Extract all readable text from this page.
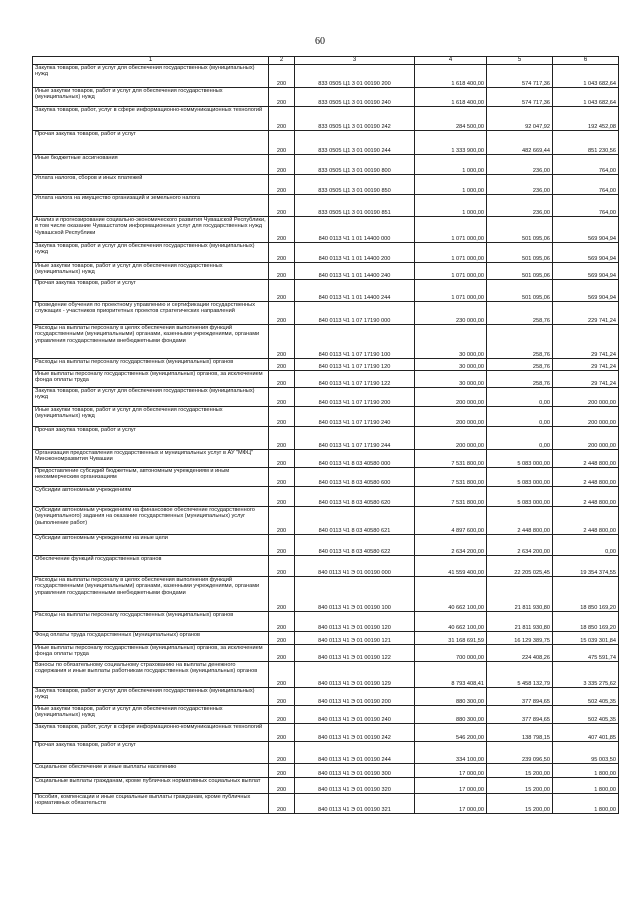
60
1	2	3	4	5	6
Закупка товаров, работ и услуг для обеспечения государственных (муниципальных) нужд	200	833 0505 Ц1 3 01 00190 200	1 618 400,00	574 717,36	1 043 682,64
Иные закупки товаров, работ и услуг для обеспечения государственных (муниципальных) нужд	200	833 0505 Ц1 3 01 00190 240	1 618 400,00	574 717,36	1 043 682,64
Закупка товаров, работ, услуг в сфере информационно-коммуникационных технологий	200	833 0505 Ц1 3 01 00190 242	284 500,00	92 047,92	192 452,08
Прочая закупка товаров, работ и услуг	200	833 0505 Ц1 3 01 00190 244	1 333 900,00	482 669,44	851 230,56
Иные бюджетные ассигнования	200	833 0505 Ц1 3 01 00190 800	1 000,00	236,00	764,00
Уплата налогов, сборов и иных платежей	200	833 0505 Ц1 3 01 00190 850	1 000,00	236,00	764,00
Уплата налога на имущество организаций и земельного налога	200	833 0505 Ц1 3 01 00190 851	1 000,00	236,00	764,00
Анализ и прогнозирование социально-экономического развития Чувашской Республики, в том числе оказание Чувашстатом информационных услуг для государственных нужд Чувашской Республики	200	840 0113 Ч1 1 01 14400 000	1 071 000,00	501 095,06	569 904,94
Закупка товаров, работ и услуг для обеспечения государственных (муниципальных) нужд	200	840 0113 Ч1 1 01 14400 200	1 071 000,00	501 095,06	569 904,94
Иные закупки товаров, работ и услуг для обеспечения государственных (муниципальных) нужд	200	840 0113 Ч1 1 01 14400 240	1 071 000,00	501 095,06	569 904,94
Прочая закупка товаров, работ и услуг	200	840 0113 Ч1 1 01 14400 244	1 071 000,00	501 095,06	569 904,94
Проведение обучения по проектному управлению и сертификации государственных служащих - участников приоритетных проектов стратегических направлений	200	840 0113 Ч1 1 07 17190 000	230 000,00	258,76	229 741,24
Расходы на выплаты персоналу в целях обеспечения выполнения функций государственными (муниципальными) органами, казенными учреждениями, органами управления государственными внебюджетными фондами	200	840 0113 Ч1 1 07 17190 100	30 000,00	258,76	29 741,24
Расходы на выплаты персоналу государственных (муниципальных) органов	200	840 0113 Ч1 1 07 17190 120	30 000,00	258,76	29 741,24
Иные выплаты персоналу государственных (муниципальных) органов, за исключением фонда оплаты труда	200	840 0113 Ч1 1 07 17190 122	30 000,00	258,76	29 741,24
Закупка товаров, работ и услуг для обеспечения государственных (муниципальных) нужд	200	840 0113 Ч1 1 07 17190 200	200 000,00	0,00	200 000,00
Иные закупки товаров, работ и услуг для обеспечения государственных (муниципальных) нужд	200	840 0113 Ч1 1 07 17190 240	200 000,00	0,00	200 000,00
Прочая закупка товаров, работ и услуг	200	840 0113 Ч1 1 07 17190 244	200 000,00	0,00	200 000,00
Организация предоставления государственных и муниципальных услуг в АУ "МФЦ" Минэкономразвития Чувашии	200	840 0113 Ч1 8 03 40580 000	7 531 800,00	5 083 000,00	2 448 800,00
Предоставление субсидий бюджетным, автономным учреждениям и иным некоммерческим организациям	200	840 0113 Ч1 8 03 40580 600	7 531 800,00	5 083 000,00	2 448 800,00
Субсидии автономным учреждениям	200	840 0113 Ч1 8 03 40580 620	7 531 800,00	5 083 000,00	2 448 800,00
Субсидии автономным учреждениям на финансовое обеспечение государственного (муниципального) задания на оказание государственных (муниципальных) услуг (выполнение работ)	200	840 0113 Ч1 8 03 40580 621	4 897 600,00	2 448 800,00	2 448 800,00
Субсидии автономным учреждениям на иные цели	200	840 0113 Ч1 8 03 40580 622	2 634 200,00	2 634 200,00	0,00
Обеспечение функций государственных органов	200	840 0113 Ч1 Э 01 00190 000	41 559 400,00	22 205 025,45	19 354 374,55
Расходы на выплаты персоналу в целях обеспечения выполнения функций государственными (муниципальными) органами, казенными учреждениями, органами управления государственными внебюджетными фондами	200	840 0113 Ч1 Э 01 00190 100	40 662 100,00	21 811 930,80	18 850 169,20
Расходы на выплаты персоналу государственных (муниципальных) органов	200	840 0113 Ч1 Э 01 00190 120	40 662 100,00	21 811 930,80	18 850 169,20
Фонд оплаты труда государственных (муниципальных) органов	200	840 0113 Ч1 Э 01 00190 121	31 168 691,59	16 129 389,75	15 039 301,84
Иные выплаты персоналу государственных (муниципальных) органов, за исключением фонда оплаты труда	200	840 0113 Ч1 Э 01 00190 122	700 000,00	224 408,26	475 591,74
Взносы по обязательному социальному страхованию на выплаты денежного содержания и иные выплаты работникам государственных (муниципальных) органов	200	840 0113 Ч1 Э 01 00190 129	8 793 408,41	5 458 132,79	3 335 275,62
Закупка товаров, работ и услуг для обеспечения государственных (муниципальных) нужд	200	840 0113 Ч1 Э 01 00190 200	880 300,00	377 894,65	502 405,35
Иные закупки товаров, работ и услуг для обеспечения государственных (муниципальных) нужд	200	840 0113 Ч1 Э 01 00190 240	880 300,00	377 894,65	502 405,35
Закупка товаров, работ, услуг в сфере информационно-коммуникационных технологий	200	840 0113 Ч1 Э 01 00190 242	546 200,00	138 798,15	407 401,85
Прочая закупка товаров, работ и услуг	200	840 0113 Ч1 Э 01 00190 244	334 100,00	239 096,50	95 003,50
Социальное обеспечение и иные выплаты населению	200	840 0113 Ч1 Э 01 00190 300	17 000,00	15 200,00	1 800,00
Социальные выплаты гражданам, кроме публичных нормативных социальных выплат	200	840 0113 Ч1 Э 01 00190 320	17 000,00	15 200,00	1 800,00
Пособия, компенсации и иные социальные выплаты гражданам, кроме публичных нормативных обязательств	200	840 0113 Ч1 Э 01 00190 321	17 000,00	15 200,00	1 800,00
